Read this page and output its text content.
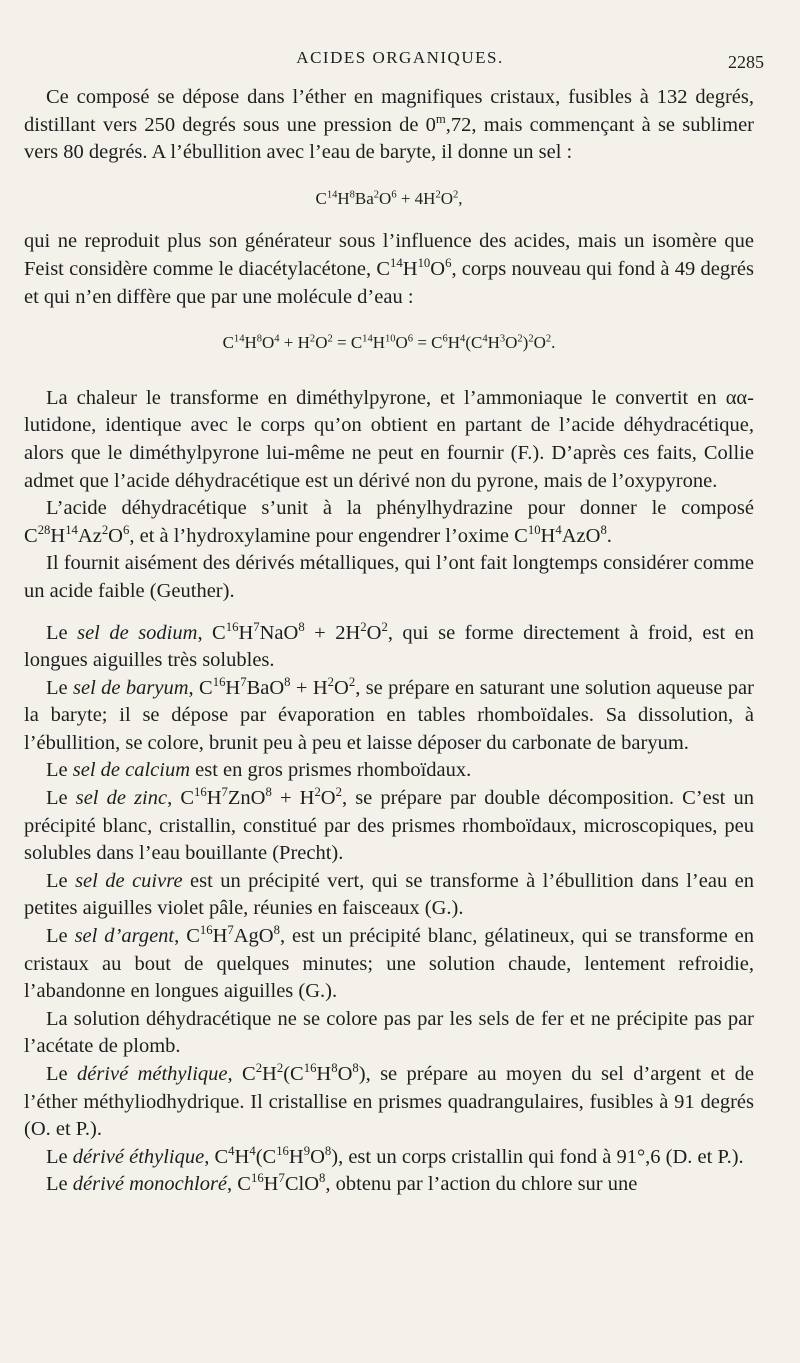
ACIDES ORGANIQUES.	2285

Ce composé se dépose dans l’éther en magnifiques cristaux, fusibles à 132 degrés, distillant vers 250 degrés sous une pression de 0$^m$,72, mais commençant à se sublimer vers 80 degrés. A l’ébullition avec l’eau de baryte, il donne un sel :

$C^{14}H^8Ba^2O^6 + 4H^2O^2$,

qui ne reproduit plus son générateur sous l’influence des acides, mais un isomère que Feist considère comme le diacétylacétone, $C^{14}H^{10}O^6$, corps nouveau qui fond à 49 degrés et qui n’en diffère que par une molécule d’eau :

$C^{14}H^8O^4 + H^2O^2 = C^{14}H^{10}O^6 = C^6H^4(C^4H^3O^2)^2O^2$.

La chaleur le transforme en diméthylpyrone, et l’ammoniaque le convertit en αα-lutidone, identique avec le corps qu’on obtient en partant de l’acide déhydracétique, alors que le diméthylpyrone lui-même ne peut en fournir (F.). D’après ces faits, Collie admet que l’acide déhydracétique est un dérivé non du pyrone, mais de l’oxypyrone.

L’acide déhydracétique s’unit à la phénylhydrazine pour donner le composé $C^{28}H^{14}Az^2O^6$, et à l’hydroxylamine pour engendrer l’oxime $C^{10}H^4AzO^8$.

Il fournit aisément des dérivés métalliques, qui l’ont fait longtemps considérer comme un acide faible (Geuther).

Le sel de sodium, $C^{16}H^7NaO^8 + 2H^2O^2$, qui se forme directement à froid, est en longues aiguilles très solubles.

Le sel de baryum, $C^{16}H^7BaO^8 + H^2O^2$, se prépare en saturant une solution aqueuse par la baryte; il se dépose par évaporation en tables rhomboïdales. Sa dissolution, à l’ébullition, se colore, brunit peu à peu et laisse déposer du carbonate de baryum.

Le sel de calcium est en gros prismes rhomboïdaux.

Le sel de zinc, $C^{16}H^7ZnO^8 + H^2O^2$, se prépare par double décomposition. C’est un précipité blanc, cristallin, constitué par des prismes rhomboïdaux, microscopiques, peu solubles dans l’eau bouillante (Precht).

Le sel de cuivre est un précipité vert, qui se transforme à l’ébullition dans l’eau en petites aiguilles violet pâle, réunies en faisceaux (G.).

Le sel d’argent, $C^{16}H^7AgO^8$, est un précipité blanc, gélatineux, qui se transforme en cristaux au bout de quelques minutes; une solution chaude, lentement refroidie, l’abandonne en longues aiguilles (G.).

La solution déhydracétique ne se colore pas par les sels de fer et ne précipite pas par l’acétate de plomb.

Le dérivé méthylique, $C^2H^2(C^{16}H^8O^8)$, se prépare au moyen du sel d’argent et de l’éther méthyliodhydrique. Il cristallise en prismes quadrangulaires, fusibles à 91 degrés (O. et P.).

Le dérivé éthylique, $C^4H^4(C^{16}H^9O^8)$, est un corps cristallin qui fond à 91°,6 (D. et P.).

Le dérivé monochloré, $C^{16}H^7ClO^8$, obtenu par l’action du chlore sur une
